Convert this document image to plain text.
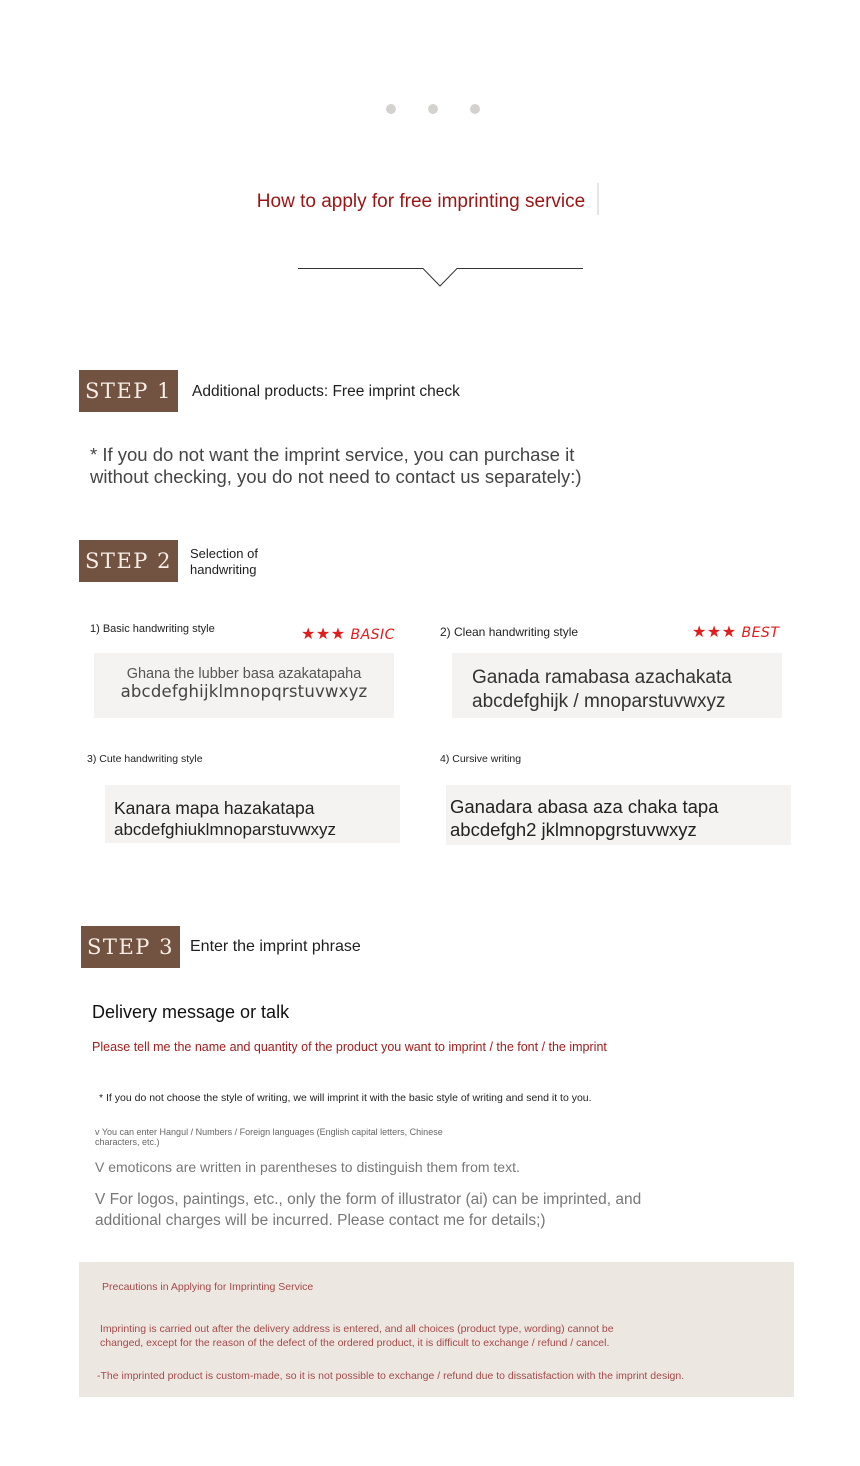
How to apply for free imprinting service
STEP 1	Additional products: Free imprint check
* If you do not want the imprint service, you can purchase it
without checking, you do not need to contact us separately:)
STEP 2	Selection of
handwriting
1) Basic handwriting style	★★★ BASIC
Ghana the lubber basa azakatapaha
abcdefghijklmnopqrstuvwxyz
2) Clean handwriting style	★★★ BEST
Ganada ramabasa azachakata
abcdefghijk / mnoparstuvwxyz
3) Cute handwriting style
Kanara mapa hazakatapa
abcdefghiuklmnoparstuvwxyz
4) Cursive writing
Ganadara abasa aza chaka tapa
abcdefgh2 jklmnopgrstuvwxyz
STEP 3	Enter the imprint phrase
Delivery message or talk
Please tell me the name and quantity of the product you want to imprint / the font / the imprint
* If you do not choose the style of writing, we will imprint it with the basic style of writing and send it to you.
v You can enter Hangul / Numbers / Foreign languages (English capital letters, Chinese
characters, etc.)
V emoticons are written in parentheses to distinguish them from text.
V For logos, paintings, etc., only the form of illustrator (ai) can be imprinted, and
additional charges will be incurred. Please contact me for details;)
Precautions in Applying for Imprinting Service
Imprinting is carried out after the delivery address is entered, and all choices (product type, wording) cannot be
changed, except for the reason of the defect of the ordered product, it is difficult to exchange / refund / cancel.
-The imprinted product is custom-made, so it is not possible to exchange / refund due to dissatisfaction with the imprint design.
